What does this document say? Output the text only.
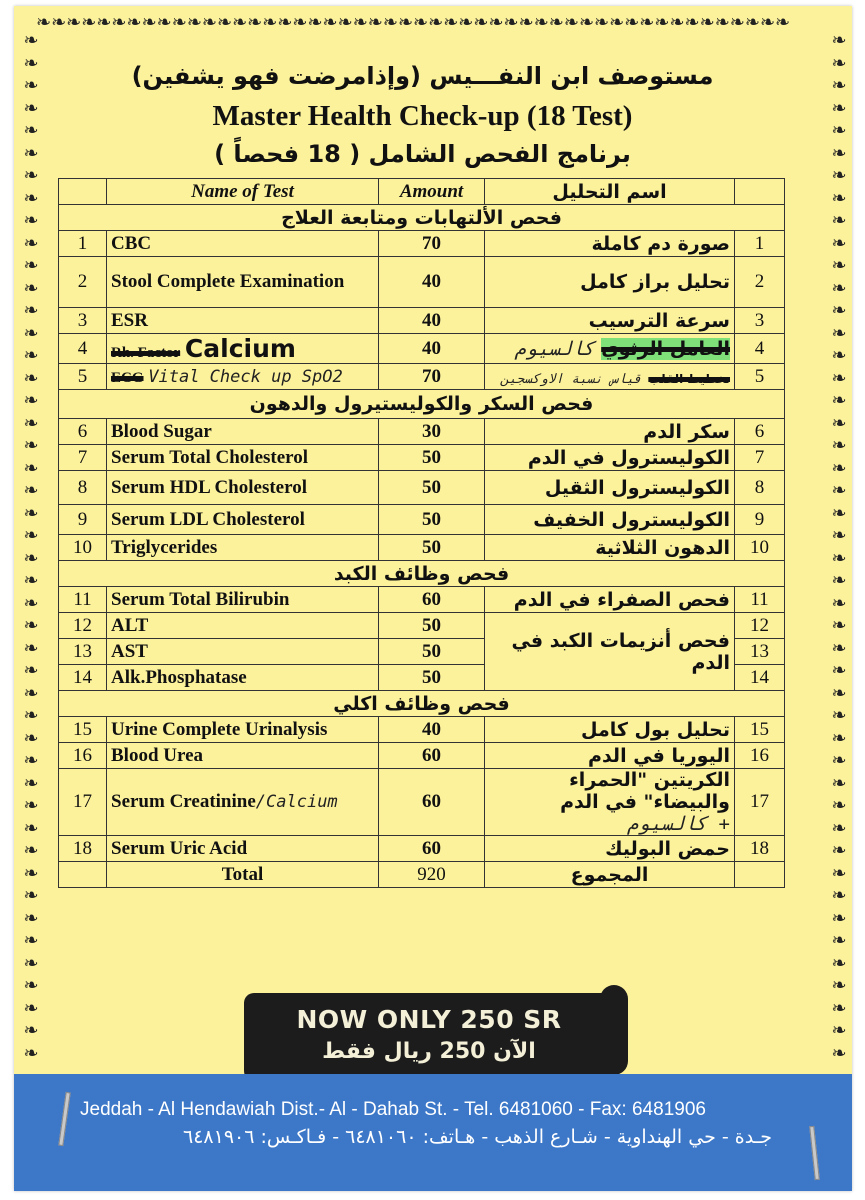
❧❧❧❧❧❧❧❧❧❧❧❧❧❧❧❧❧❧❧❧❧❧❧❧❧❧❧❧❧❧❧❧❧❧❧❧❧❧❧❧❧❧❧❧❧❧❧❧❧❧
❧
❧
❧
❧
❧
❧
❧
❧
❧
❧
❧
❧
❧
❧
❧
❧
❧
❧
❧
❧
❧
❧
❧
❧
❧
❧
❧
❧
❧
❧
❧
❧
❧
❧
❧
❧
❧
❧
❧
❧
❧
❧
❧
❧
❧
❧
❧
❧
❧
❧
❧
❧
❧
❧
❧
❧
❧
❧
❧
❧
❧
❧
❧
❧
❧
❧
❧
❧
❧
❧
❧
❧
❧
❧
❧
❧
❧
❧
❧
❧
❧
❧
❧
❧
❧
❧
❧
❧
❧
❧
❧
❧
مستوصف ابن النفـــيس (وإذامرضت فهو يشفين)
Master Health Check-up (18 Test)
برنامج الفحص الشامل ( 18 فحصاً )
	Name of Test	Amount	اسم التحليل	
فحص الألتهابات ومتابعة العلاج				
1	CBC	70	صورة دم كاملة	1
2	Stool Complete Examination	40	تحليل براز كامل	2
3	ESR	40	سرعة الترسيب	3
4	Rh. Factor Calcium	40	العامل الرثوي كالسيوم	4
5	ECG Vital Check up SpO2	70	تخطيط القلب قياس نسبة الاوكسجين	5
فحص السكر والكوليستيرول والدهون				
6	Blood Sugar	30	سكر الدم	6
7	Serum Total Cholesterol	50	الكوليسترول في الدم	7
8	Serum HDL Cholesterol	50	الكوليسترول الثقيل	8
9	Serum LDL Cholesterol	50	الكوليسترول الخفيف	9
10	Triglycerides	50	الدهون الثلاثية	10
فحص وظائف الكبد				
11	Serum Total Bilirubin	60	فحص الصفراء في الدم	11
12	ALT	50	فحص أنزيمات الكبد في الدم	12
13	AST	50		13
14	Alk.Phosphatase	50		14
فحص وظائف اكلي				
15	Urine Complete Urinalysis	40	تحليل بول كامل	15
16	Blood Urea	60	اليوريا في الدم	16
17	Serum Creatinine/Calcium	60	الكريتين "الحمراء والبيضاء" في الدم
+ كالسيوم	17
18	Serum Uric Acid	60	حمض البوليك	18
	Total	920	المجموع	
NOW ONLY 250 SR
الآن 250 ريال فقط
Jeddah - Al Hendawiah Dist.- Al - Dahab St. - Tel. 6481060 - Fax: 6481906
جـدة - حي الهنداوية - شـارع الذهب - هـاتف: ٦٤٨١٠٦٠ - فـاكـس: ٦٤٨١٩٠٦
